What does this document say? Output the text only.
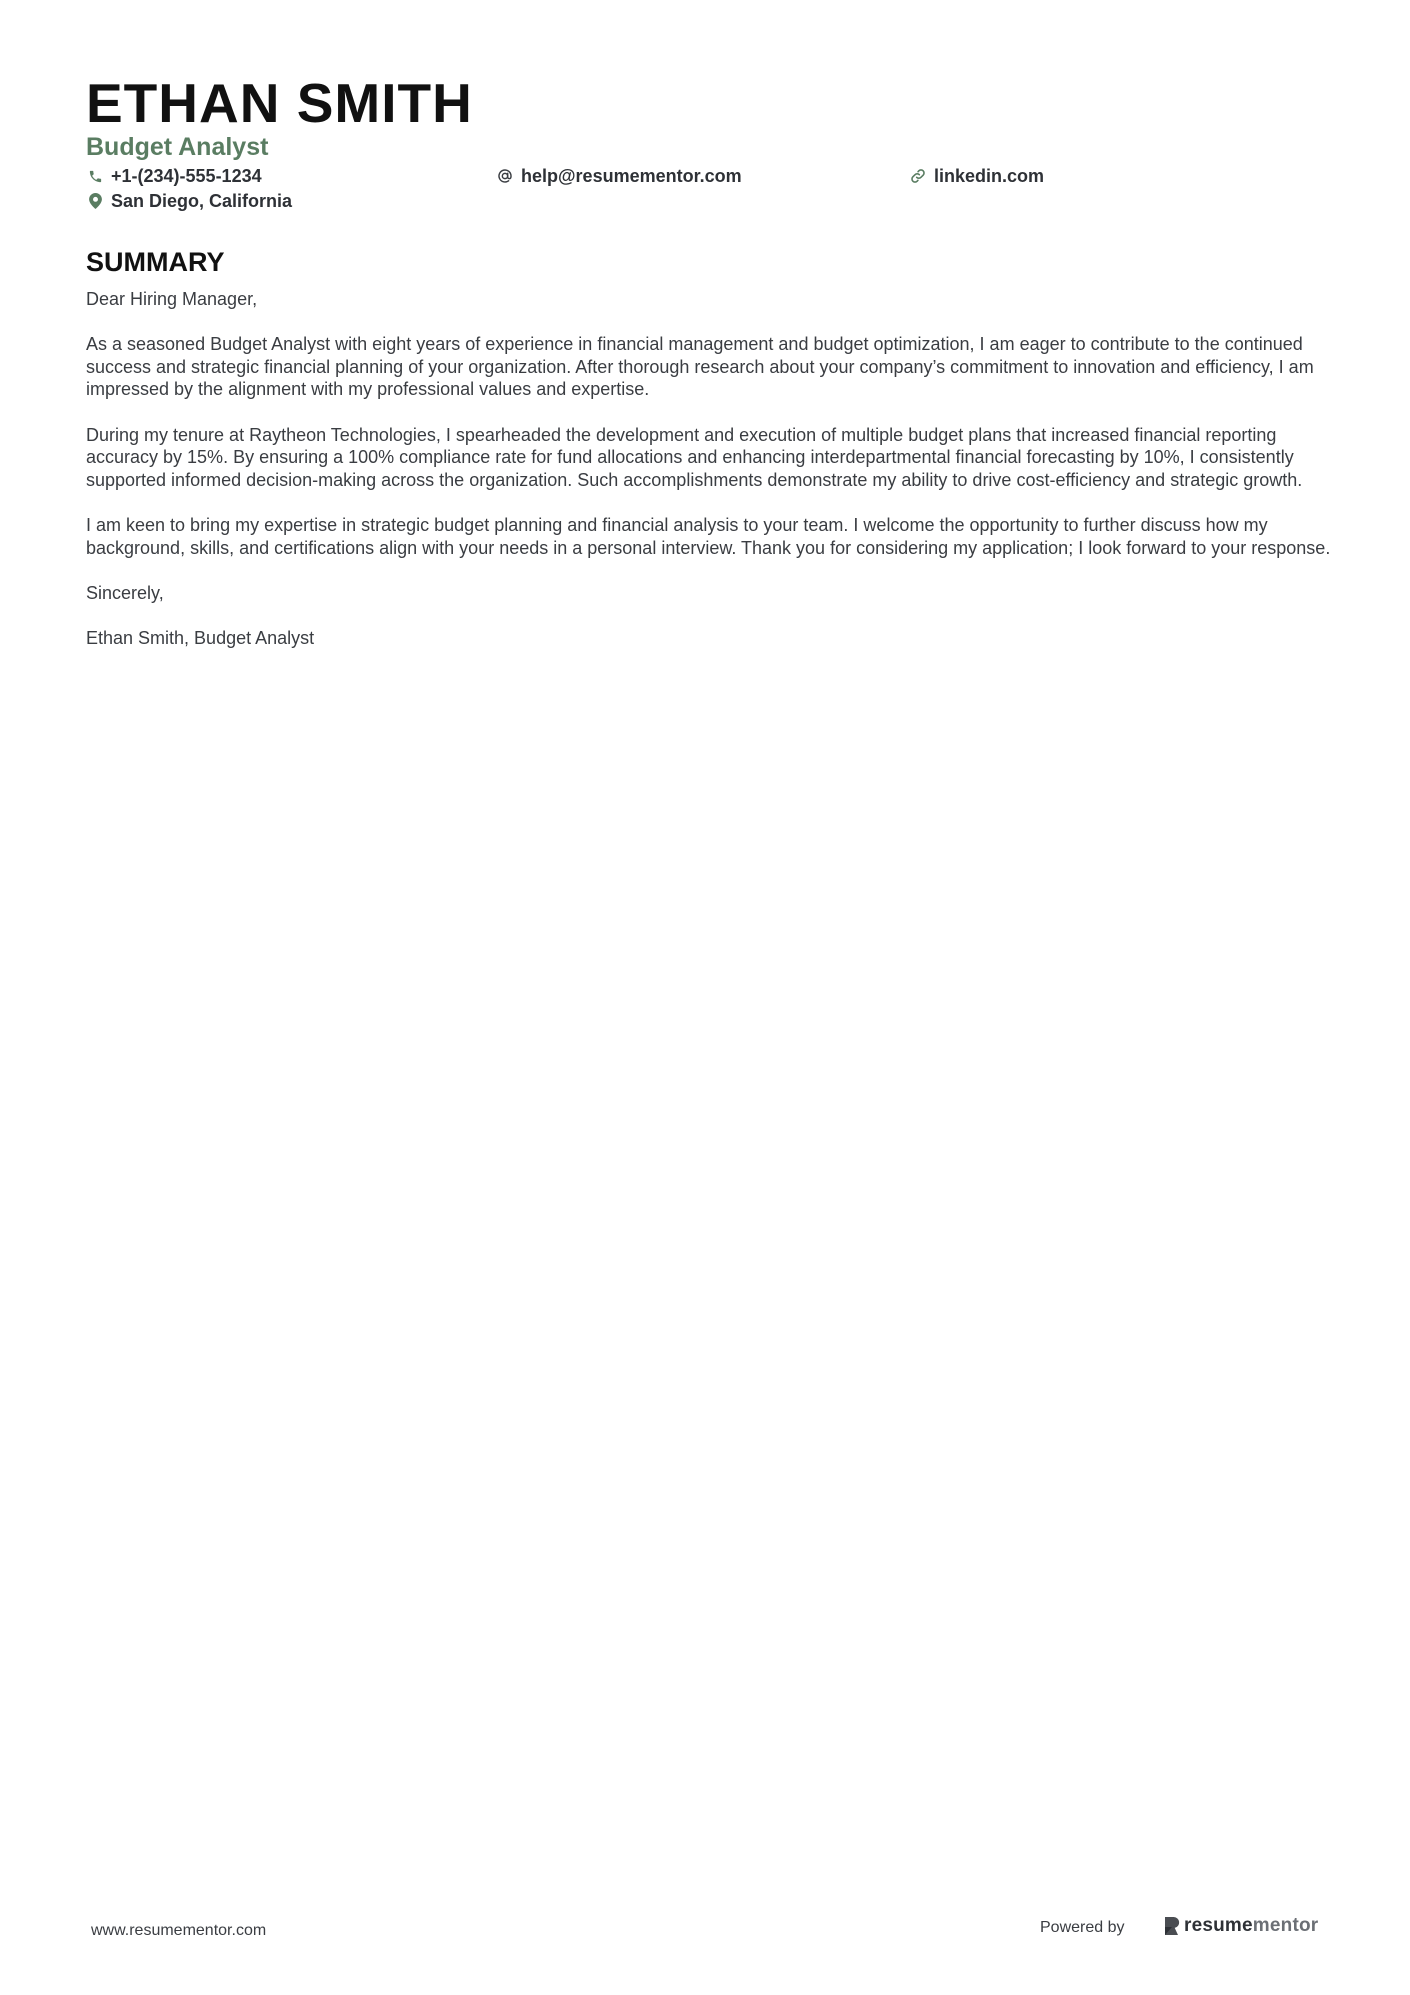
ETHAN SMITH
Budget Analyst
+1-(234)-555-1234	help@resumementor.com	linkedin.com
San Diego, California
SUMMARY

Dear Hiring Manager,

As a seasoned Budget Analyst with eight years of experience in financial management and budget optimization, I am eager to contribute to the continued success and strategic financial planning of your organization. After thorough research about your company’s commitment to innovation and efficiency, I am impressed by the alignment with my professional values and expertise.

During my tenure at Raytheon Technologies, I spearheaded the development and execution of multiple budget plans that increased financial reporting accuracy by 15%. By ensuring a 100% compliance rate for fund allocations and enhancing interdepartmental financial forecasting by 10%, I consistently supported informed decision-making across the organization. Such accomplishments demonstrate my ability to drive cost-efficiency and strategic growth.

I am keen to bring my expertise in strategic budget planning and financial analysis to your team. I welcome the opportunity to further discuss how my background, skills, and certifications align with your needs in a personal interview. Thank you for considering my application; I look forward to your response.

Sincerely,

Ethan Smith, Budget Analyst

www.resumementor.com	Powered by	resumementor
